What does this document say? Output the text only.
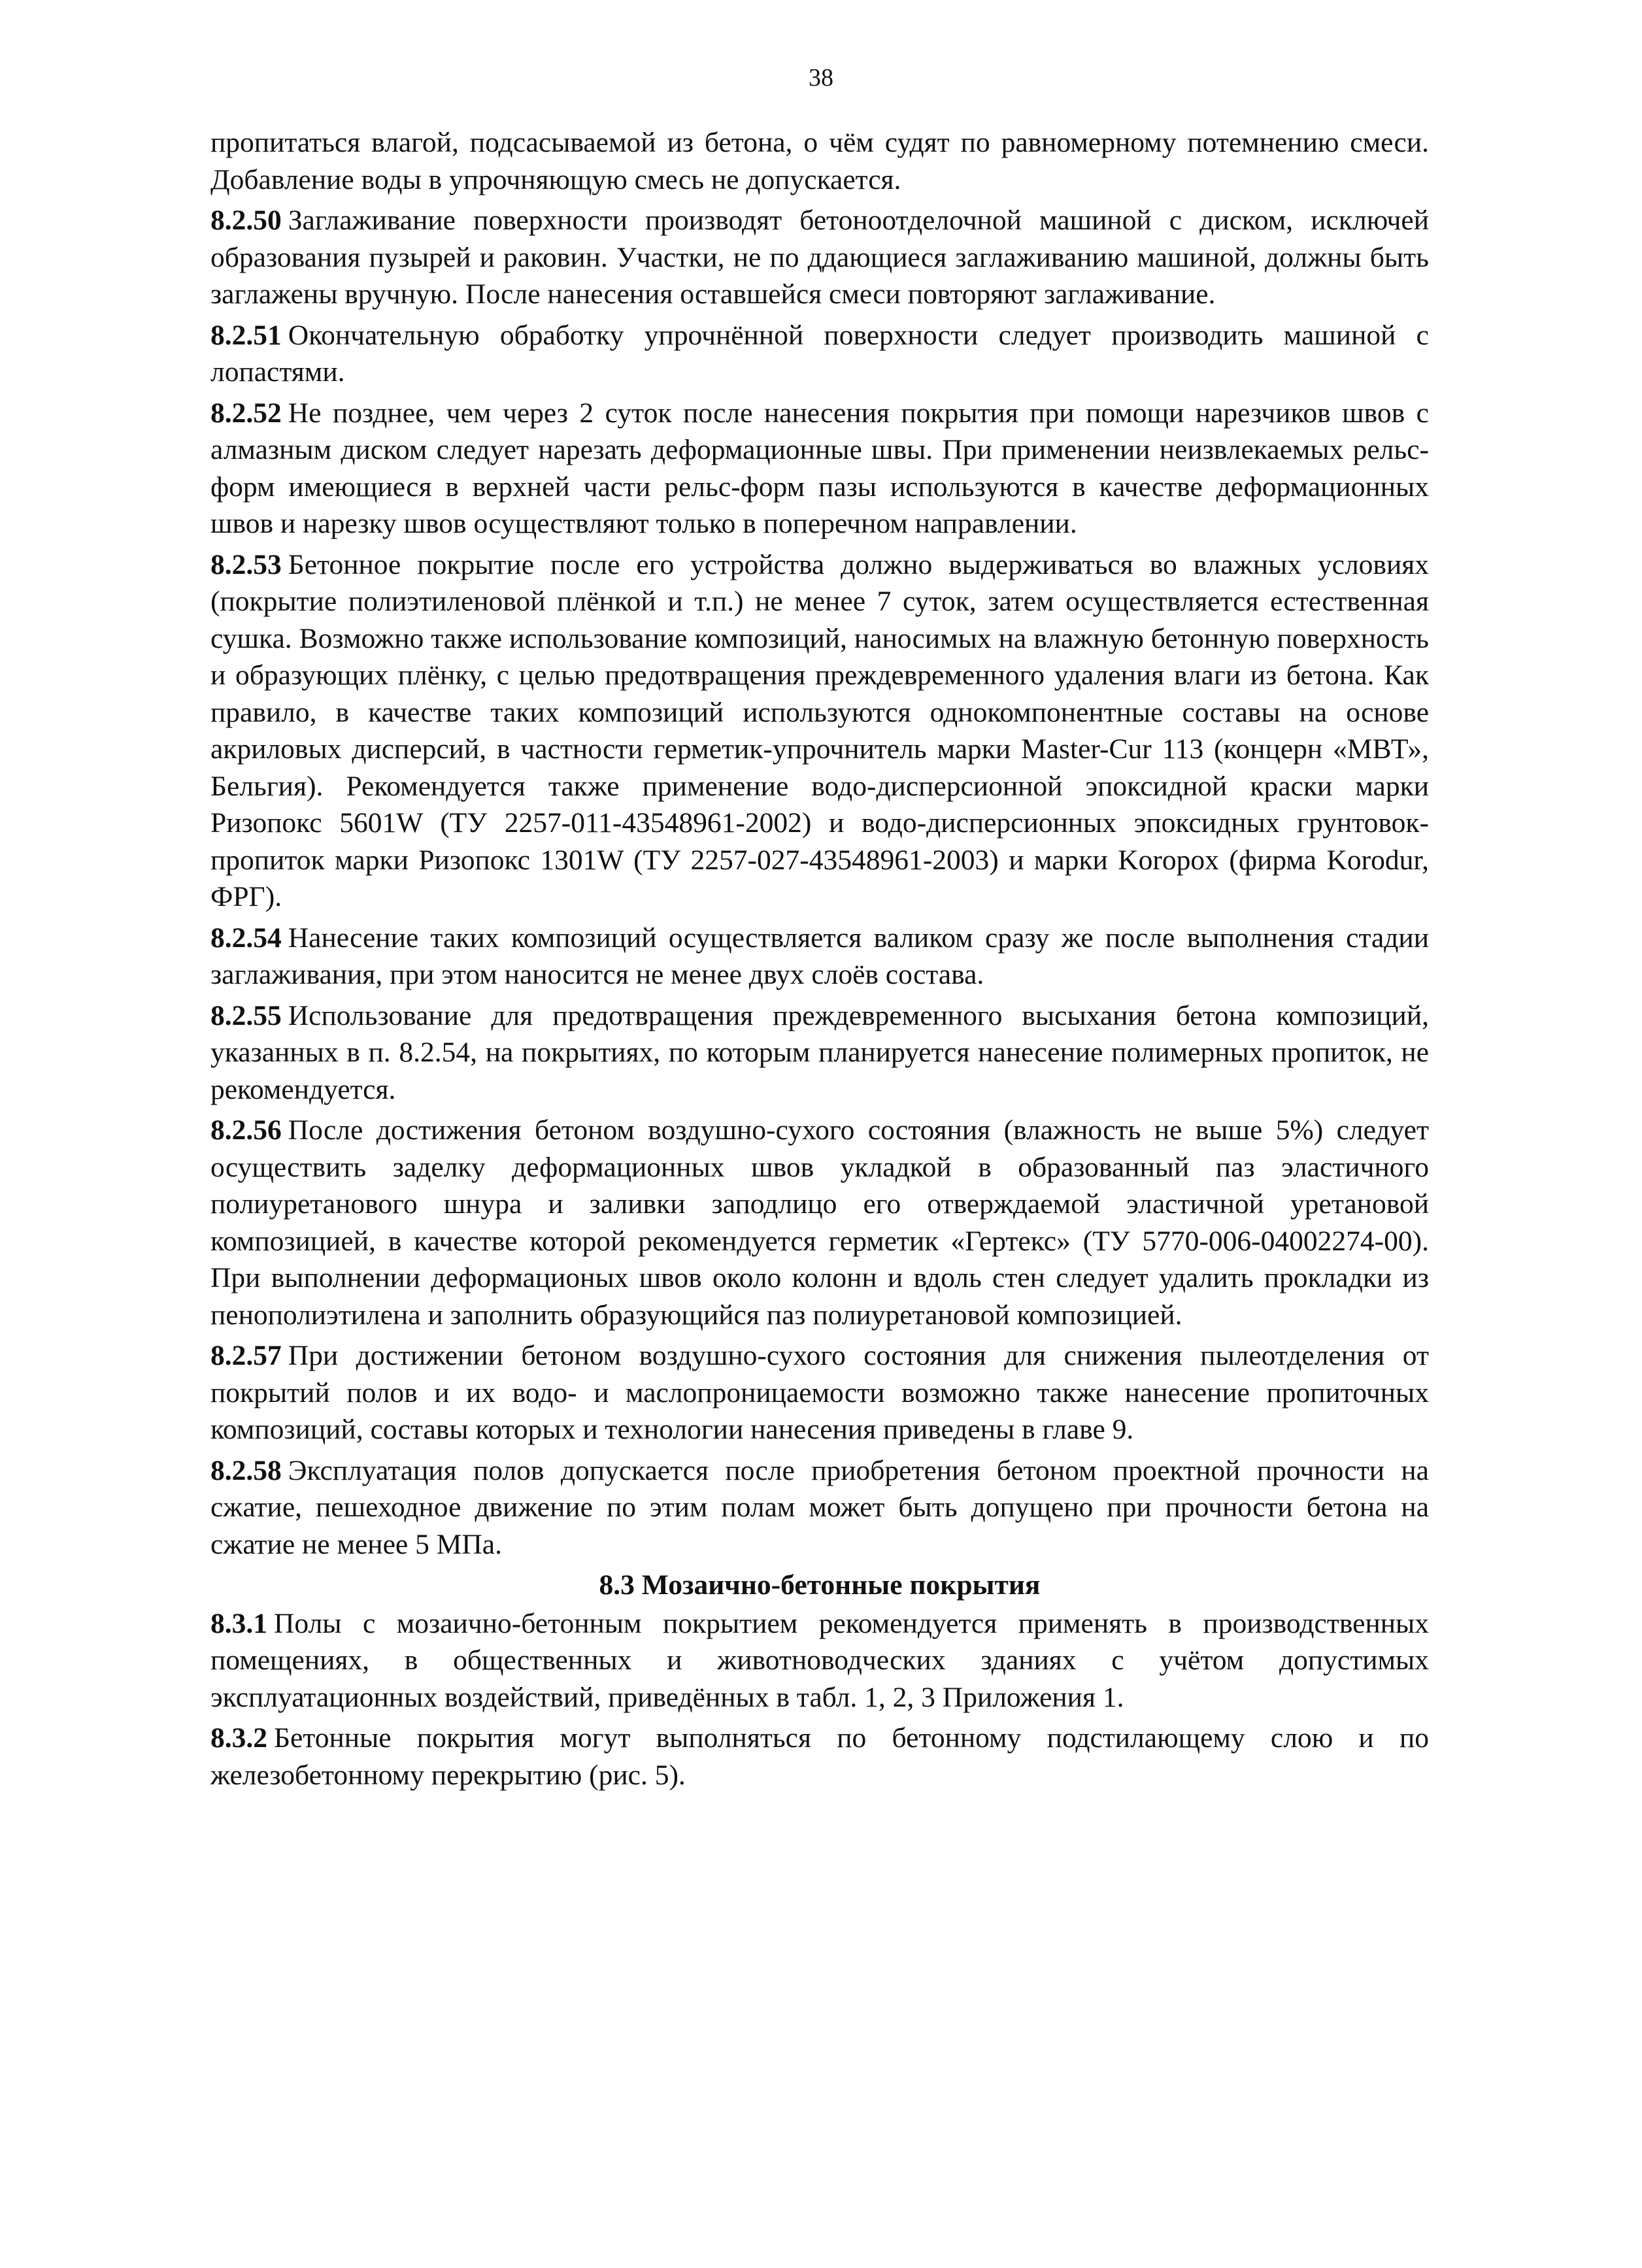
38

пропитаться влагой, подсасываемой из бетона, о чём судят по равномерному потемнению смеси. Добавление воды в упрочняющую смесь не допускается.

8.2.50 Заглаживание поверхности производят бетоноотделочной машиной с диском, исключей образования пузырей и раковин. Участки, не по ддающиеся заглаживанию машиной, должны быть заглажены вручную. После нанесения оставшейся смеси повторяют заглаживание.

8.2.51 Окончательную обработку упрочнённой поверхности следует производить машиной с лопастями.

8.2.52 Не позднее, чем через 2 суток после нанесения покрытия при помощи нарезчиков швов с алмазным диском следует нарезать деформационные швы. При применении неизвлекаемых рельс-форм имеющиеся в верхней части рельс-форм пазы используются в качестве деформационных швов и нарезку швов осуществляют только в поперечном направлении.

8.2.53 Бетонное покрытие после его устройства должно выдерживаться во влажных условиях (покрытие полиэтиленовой плёнкой и т.п.) не менее 7 суток, затем осуществляется естественная сушка. Возможно также использование композиций, наносимых на влажную бетонную поверхность и образующих плёнку, с целью предотвращения преждевременного удаления влаги из бетона. Как правило, в качестве таких композиций используются однокомпонентные составы на основе акриловых дисперсий, в частности герметик-упрочнитель марки Master-Cur 113 (концерн «МВТ», Бельгия). Рекомендуется также применение водо-дисперсионной эпоксидной краски марки Ризопокс 5601W (ТУ 2257-011-43548961-2002) и водо-дисперсионных эпоксидных грунтовок-пропиток марки Ризопокс 1301W (ТУ 2257-027-43548961-2003) и марки Koropox (фирма Korodur, ФРГ).

8.2.54 Нанесение таких композиций осуществляется валиком сразу же после выполнения стадии заглаживания, при этом наносится не менее двух слоёв состава.

8.2.55 Использование для предотвращения преждевременного высыхания бетона композиций, указанных в п. 8.2.54, на покрытиях, по которым планируется нанесение полимерных пропиток, не рекомендуется.

8.2.56 После достижения бетоном воздушно-сухого состояния (влажность не выше 5%) следует осуществить заделку деформационных швов укладкой в образованный паз эластичного полиуретанового шнура и заливки заподлицо его отверждаемой эластичной уретановой композицией, в качестве которой рекомендуется герметик «Гертекс» (ТУ 5770-006-04002274-00). При выполнении деформационых швов около колонн и вдоль стен следует удалить прокладки из пенополиэтилена и заполнить образующийся паз полиуретановой композицией.

8.2.57 При достижении бетоном воздушно-сухого состояния для снижения пылеотделения от покрытий полов и их водо- и маслопроницаемости возможно также нанесение пропиточных композиций, составы которых и технологии нанесения приведены в главе 9.

8.2.58 Эксплуатация полов допускается после приобретения бетоном проектной прочности на сжатие, пешеходное движение по этим полам может быть допущено при прочности бетона на сжатие не менее 5 МПа.

8.3 Мозаично-бетонные покрытия

8.3.1 Полы с мозаично-бетонным покрытием рекомендуется применять в производственных помещениях, в общественных и животноводческих зданиях с учётом допустимых эксплуатационных воздействий, приведённых в табл. 1, 2, 3 Приложения 1.

8.3.2 Бетонные покрытия могут выполняться по бетонному подстилающему слою и по железобетонному перекрытию (рис. 5).
